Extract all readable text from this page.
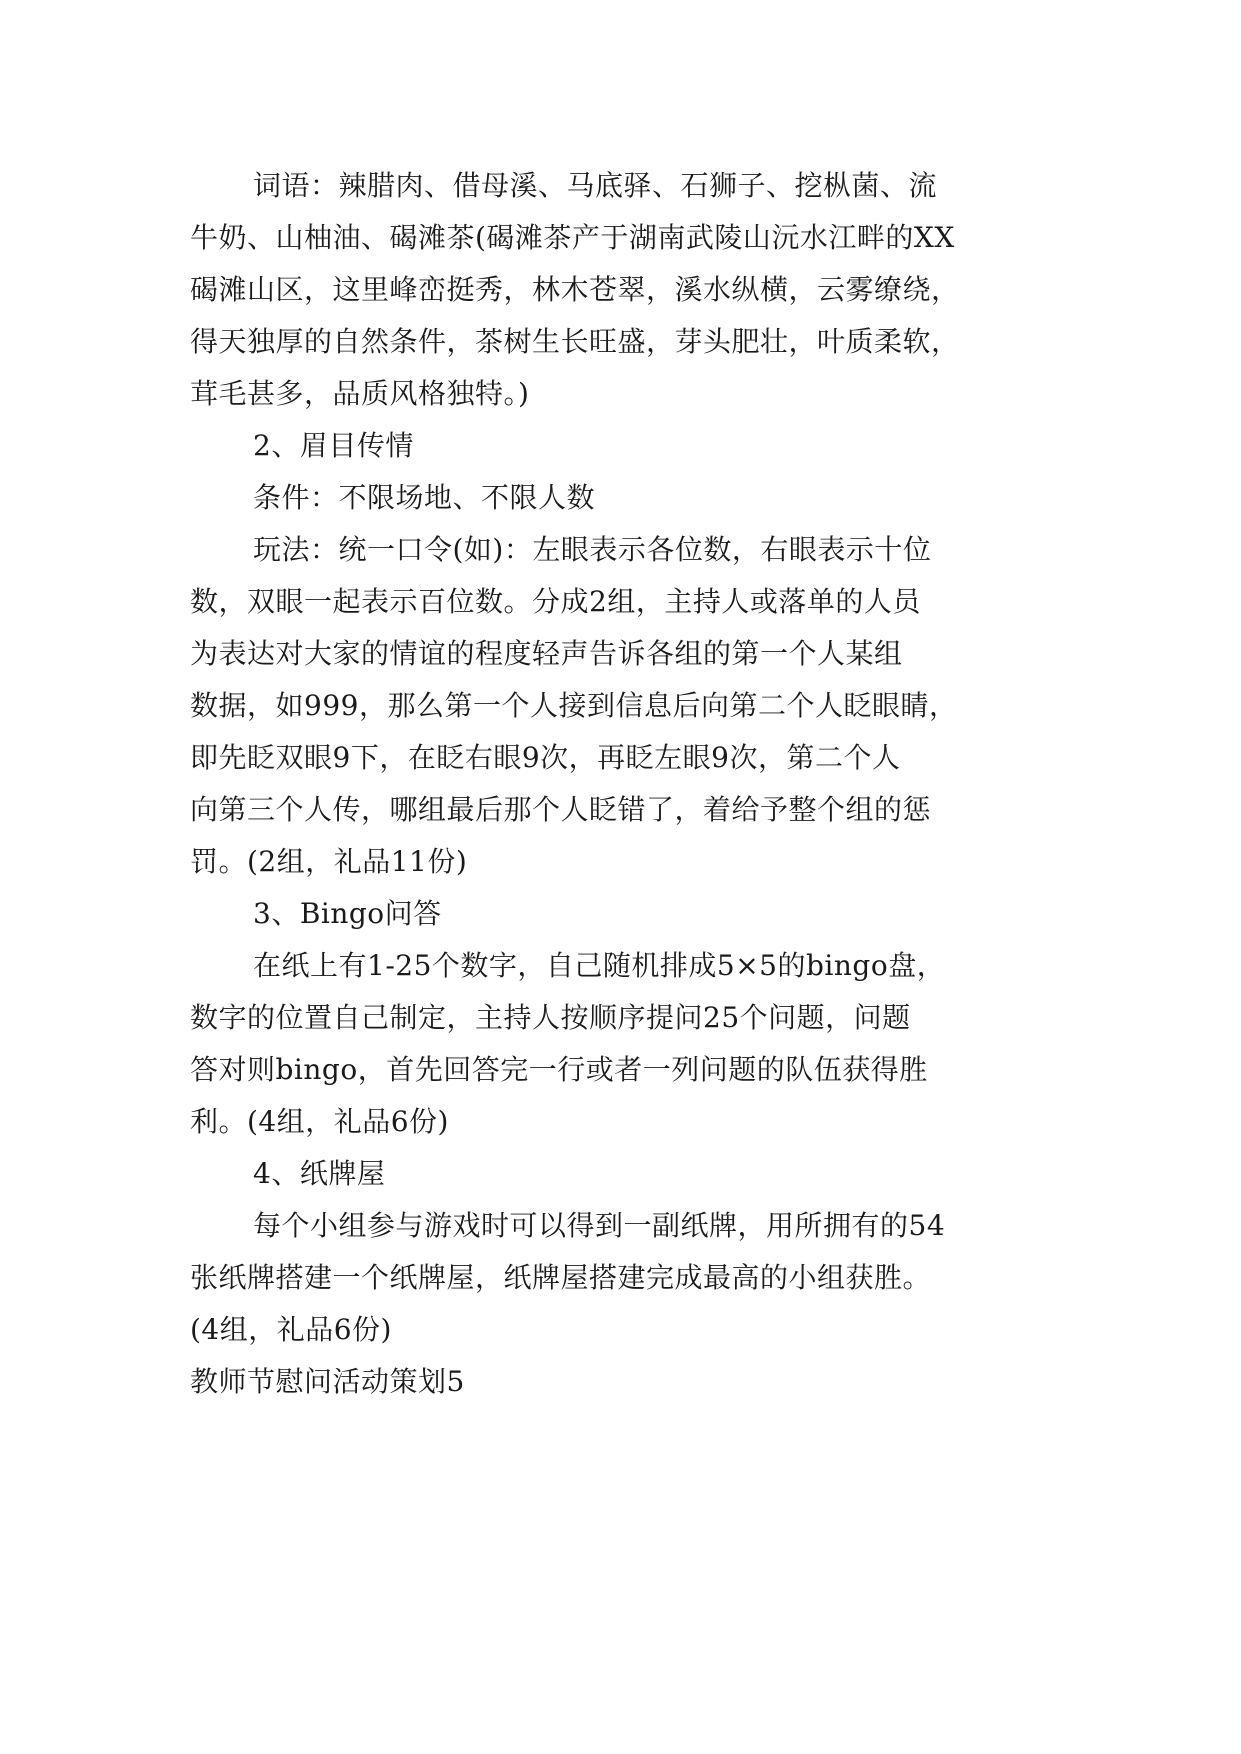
词语：辣腊肉、借母溪、马底驿、石狮子、挖枞菌、流
牛奶、山柚油、碣滩茶(碣滩茶产于湖南武陵山沅水江畔的XX
碣滩山区，这里峰峦挺秀，林木苍翠，溪水纵横，云雾缭绕，
得天独厚的自然条件，茶树生长旺盛，芽头肥壮，叶质柔软，
茸毛甚多，品质风格独特。)
2、眉目传情
条件：不限场地、不限人数
玩法：统一口令(如)：左眼表示各位数，右眼表示十位
数，双眼一起表示百位数。分成2组，主持人或落单的人员
为表达对大家的情谊的程度轻声告诉各组的第一个人某组
数据，如999，那么第一个人接到信息后向第二个人眨眼睛，
即先眨双眼9下，在眨右眼9次，再眨左眼9次，第二个人
向第三个人传，哪组最后那个人眨错了，着给予整个组的惩
罚。(2组，礼品11份)
3、Bingo问答
在纸上有1-25个数字，自己随机排成5×5的bingo盘，
数字的位置自己制定，主持人按顺序提问25个问题，问题
答对则bingo，首先回答完一行或者一列问题的队伍获得胜
利。(4组，礼品6份)
4、纸牌屋
每个小组参与游戏时可以得到一副纸牌，用所拥有的54
张纸牌搭建一个纸牌屋，纸牌屋搭建完成最高的小组获胜。
(4组，礼品6份)
教师节慰问活动策划5
